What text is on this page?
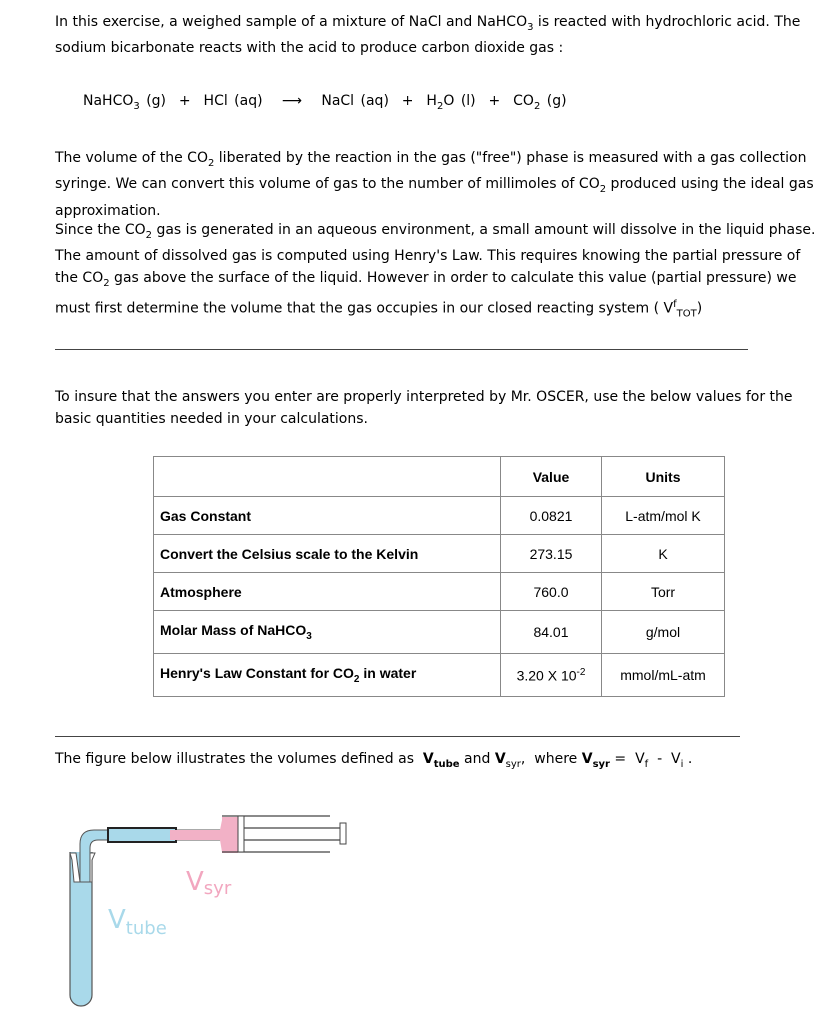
In this exercise, a weighed sample of a mixture of NaCl and NaHCO$_3$ is reacted with hydrochloric acid. The sodium bicarbonate reacts with the acid to produce carbon dioxide gas :

NaHCO$_3$ (g)  +  HCl (aq)   ⟶   NaCl $(aq) + H_2O$ $(l) + CO_2$ (g)

The volume of the $CO_2$ liberated by the reaction in the gas ("free") phase is measured with a gas collection syringe. We can convert this volume of gas to the number of millimoles of $CO_2$ produced using the ideal gas approximation.

Since the $CO_2$ gas is generated in an aqueous environment, a small amount will dissolve in the liquid phase. The amount of dissolved gas is computed using Henry's Law. This requires knowing the partial pressure of the $CO_2$ gas above the surface of the liquid. However in order to calculate this value (partial pressure) we must first determine the volume that the gas occupies in our closed reacting system ( $V^f_{TOT}$)

To insure that the answers you enter are properly interpreted by Mr. OSCER, use the below values for the basic quantities needed in your calculations.

	Value	Units
Gas Constant	0.0821	L-atm/mol K
Convert the Celsius scale to the Kelvin	273.15	K
Atmosphere	760.0	Torr
Molar Mass of NaHCO$_3$	84.01	g/mol
Henry's Law Constant for $CO_2$ in water	3.20 X $10^{-2}$	mmol/mL-atm

The figure below illustrates the volumes defined as  $V_{tube}$ and $V_{syr}$,  where $V_{syr} = V_f - V_i$ .

Vsyr
$V_{tube}$
